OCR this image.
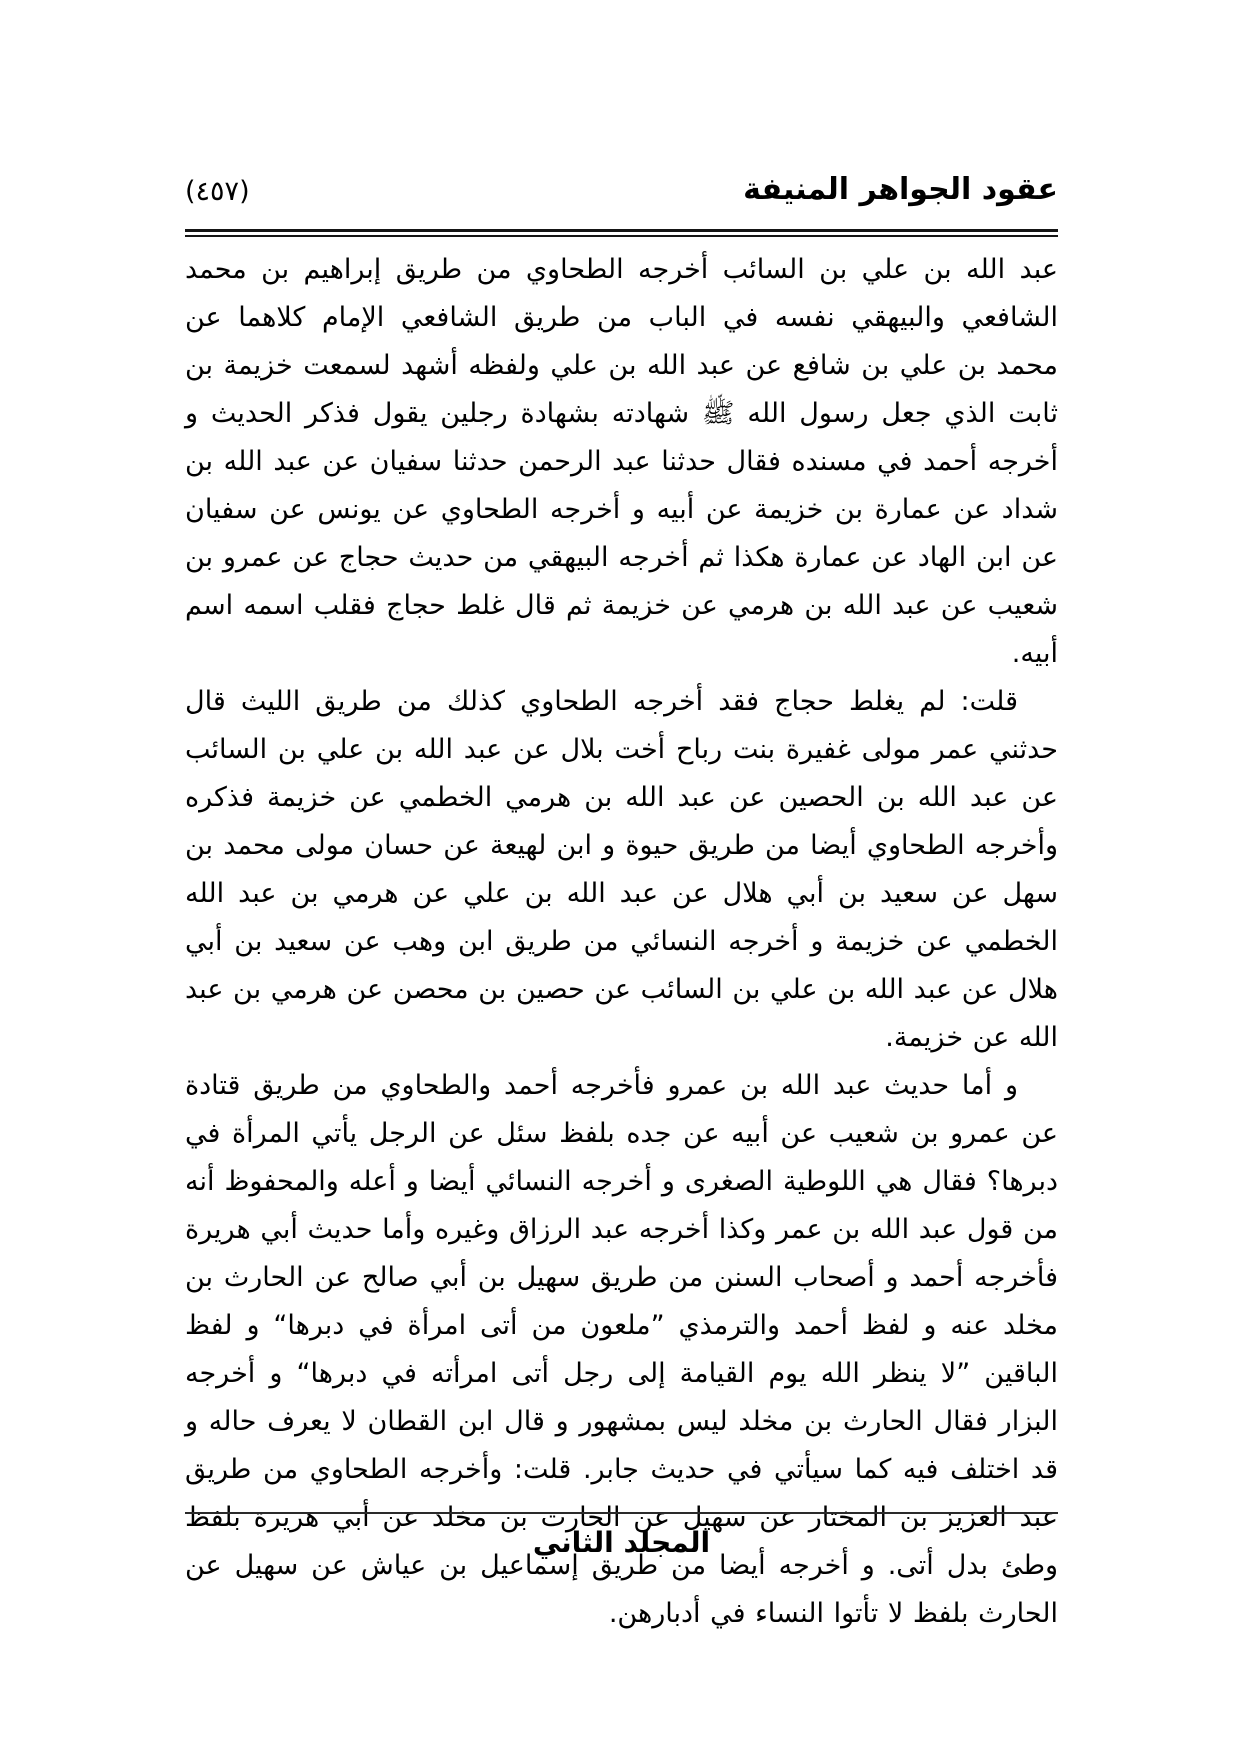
عقود الجواهر المنيفة
(٤٥٧)

عبد الله بن علي بن السائب أخرجه الطحاوي من طريق إبراهيم بن محمد الشافعي والبيهقي نفسه في الباب من طريق الشافعي الإمام كلاهما عن محمد بن علي بن شافع عن عبد الله بن علي ولفظه أشهد لسمعت خزيمة بن ثابت الذي جعل رسول الله ﷺ شهادته بشهادة رجلين يقول فذكر الحديث و أخرجه أحمد في مسنده فقال حدثنا عبد الرحمن حدثنا سفيان عن عبد الله بن شداد عن عمارة بن خزيمة عن أبيه و أخرجه الطحاوي عن يونس عن سفيان عن ابن الهاد عن عمارة هكذا ثم أخرجه البيهقي من حديث حجاج عن عمرو بن شعيب عن عبد الله بن هرمي عن خزيمة ثم قال غلط حجاج فقلب اسمه اسم أبيه.

قلت: لم يغلط حجاج فقد أخرجه الطحاوي كذلك من طريق الليث قال حدثني عمر مولى غفيرة بنت رباح أخت بلال عن عبد الله بن علي بن السائب عن عبد الله بن الحصين عن عبد الله بن هرمي الخطمي عن خزيمة فذكره وأخرجه الطحاوي أيضا من طريق حيوة و ابن لهيعة عن حسان مولى محمد بن سهل عن سعيد بن أبي هلال عن عبد الله بن علي عن هرمي بن عبد الله الخطمي عن خزيمة و أخرجه النسائي من طريق ابن وهب عن سعيد بن أبي هلال عن عبد الله بن علي بن السائب عن حصين بن محصن عن هرمي بن عبد الله عن خزيمة.

و أما حديث عبد الله بن عمرو فأخرجه أحمد والطحاوي من طريق قتادة عن عمرو بن شعيب عن أبيه عن جده بلفظ سئل عن الرجل يأتي المرأة في دبرها؟ فقال هي اللوطية الصغرى و أخرجه النسائي أيضا و أعله والمحفوظ أنه من قول عبد الله بن عمر وكذا أخرجه عبد الرزاق وغيره وأما حديث أبي هريرة فأخرجه أحمد و أصحاب السنن من طريق سهيل بن أبي صالح عن الحارث بن مخلد عنه و لفظ أحمد والترمذي ”ملعون من أتى امرأة في دبرها“ و لفظ الباقين ”لا ينظر الله يوم القيامة إلى رجل أتى امرأته في دبرها“ و أخرجه البزار فقال الحارث بن مخلد ليس بمشهور و قال ابن القطان لا يعرف حاله و قد اختلف فيه كما سيأتي في حديث جابر. قلت: وأخرجه الطحاوي من طريق عبد العزيز بن المختار عن سهيل عن الحارث بن مخلد عن أبي هريرة بلفظ وطئ بدل أتى. و أخرجه أيضا من طريق إسماعيل بن عياش عن سهيل عن الحارث بلفظ لا تأتوا النساء في أدبارهن.

المجلد الثاني
